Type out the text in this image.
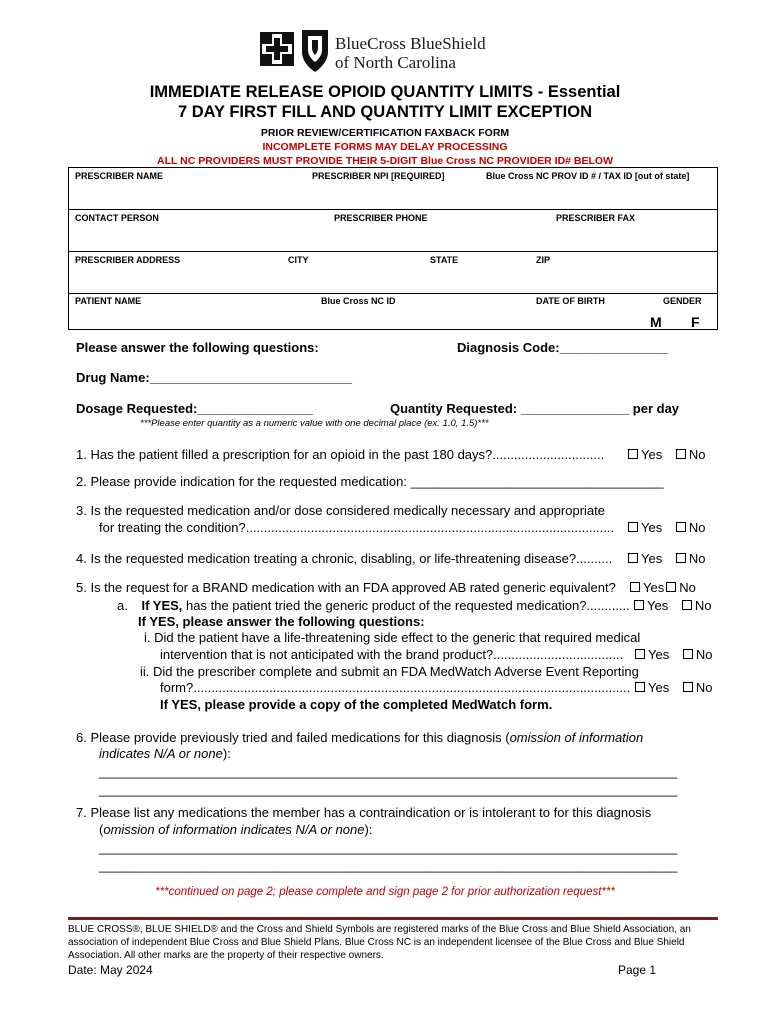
BlueCross BlueShield
of North Carolina
IMMEDIATE RELEASE OPIOID QUANTITY LIMITS - Essential
7 DAY FIRST FILL AND QUANTITY LIMIT EXCEPTION
PRIOR REVIEW/CERTIFICATION FAXBACK FORM
INCOMPLETE FORMS MAY DELAY PROCESSING
ALL NC PROVIDERS MUST PROVIDE THEIR 5-DIGIT Blue Cross NC PROVIDER ID# BELOW
PRESCRIBER NAME	PRESCRIBER NPI [REQUIRED]	Blue Cross NC PROV ID # / TAX ID [out of state]
CONTACT PERSON	PRESCRIBER PHONE	PRESCRIBER FAX
PRESCRIBER ADDRESS	CITY	STATE	ZIP
PATIENT NAME	Blue Cross NC ID	DATE OF BIRTH	GENDER
M F
Please answer the following questions:	Diagnosis Code:_______________
Drug Name:____________________________
Dosage Requested:________________	Quantity Requested: _______________ per day
***Please enter quantity as a numeric value with one decimal place (ex. 1.0, 1.5)***
1. Has the patient filled a prescription for an opioid in the past 180 days?...............................	Yes No
2. Please provide indication for the requested medication: ___________________________________
3. Is the requested medication and/or dose considered medically necessary and appropriate
for treating the condition?......................................................................................................	Yes No
4. Is the requested medication treating a chronic, disabling, or life-threatening disease?..........	Yes No
5. Is the request for a BRAND medication with an FDA approved AB rated generic equivalent?	Yes No
a. If YES, has the patient tried the generic product of the requested medication?............	Yes No
If YES, please answer the following questions:
i. Did the patient have a life-threatening side effect to the generic that required medical
intervention that is not anticipated with the brand product?....................................	Yes No
ii. Did the prescriber complete and submit an FDA MedWatch Adverse Event Reporting
form?.........................................................................................................................	Yes No
If YES, please provide a copy of the completed MedWatch form.
6. Please provide previously tried and failed medications for this diagnosis (omission of information
indicates N/A or none):
________________________________________________________________________________
________________________________________________________________________________
7. Please list any medications the member has a contraindication or is intolerant to for this diagnosis
(omission of information indicates N/A or none):
________________________________________________________________________________
________________________________________________________________________________
***continued on page 2; please complete and sign page 2 for prior authorization request***
BLUE CROSS®, BLUE SHIELD® and the Cross and Shield Symbols are registered marks of the Blue Cross and Blue Shield Association, an association of independent Blue Cross and Blue Shield Plans. Blue Cross NC is an independent licensee of the Blue Cross and Blue Shield Association. All other marks are the property of their respective owners.
Date: May 2024	Page 1
